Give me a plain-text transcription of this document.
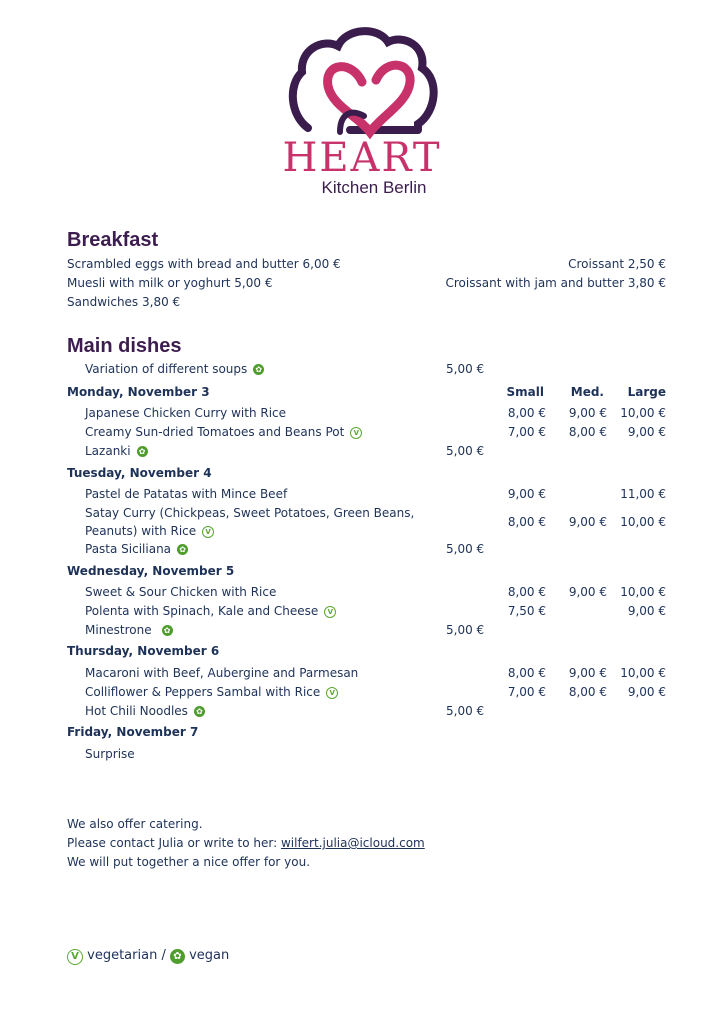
HEART
Kitchen Berlin
Breakfast
Scrambled eggs with bread and butter 6,00 €
Muesli with milk or yoghurt 5,00 €
Sandwiches 3,80 €
Croissant 2,50 €
Croissant with jam and butter 3,80 €
Main dishes
Variation of different soups ✿	5,00 €
Monday, November 3	Small Med. Large
Japanese Chicken Curry with Rice	8,00 € 9,00 € 10,00 €
Creamy Sun-dried Tomatoes and Beans Pot V	7,00 € 8,00 € 9,00 €
Lazanki ✿	5,00 €
Tuesday, November 4
Pastel de Patatas with Mince Beef	9,00 €	11,00 €
Satay Curry (Chickpeas, Sweet Potatoes, Green Beans,
Peanuts) with Rice V
8,00 € 9,00 € 10,00 €
Pasta Siciliana ✿	5,00 €
Wednesday, November 5
Sweet & Sour Chicken with Rice	8,00 € 9,00 € 10,00 €
Polenta with Spinach, Kale and Cheese V	7,50 €	9,00 €
Minestrone ✿	5,00 €
Thursday, November 6
Macaroni with Beef, Aubergine and Parmesan	8,00 € 9,00 € 10,00 €
Colliflower & Peppers Sambal with Rice V	7,00 € 8,00 € 9,00 €
Hot Chili Noodles ✿	5,00 €
Friday, November 7
Surprise
We also offer catering.
Please contact Julia or write to her: wilfert.julia@icloud.com
We will put together a nice offer for you.
V vegetarian / ✿ vegan
